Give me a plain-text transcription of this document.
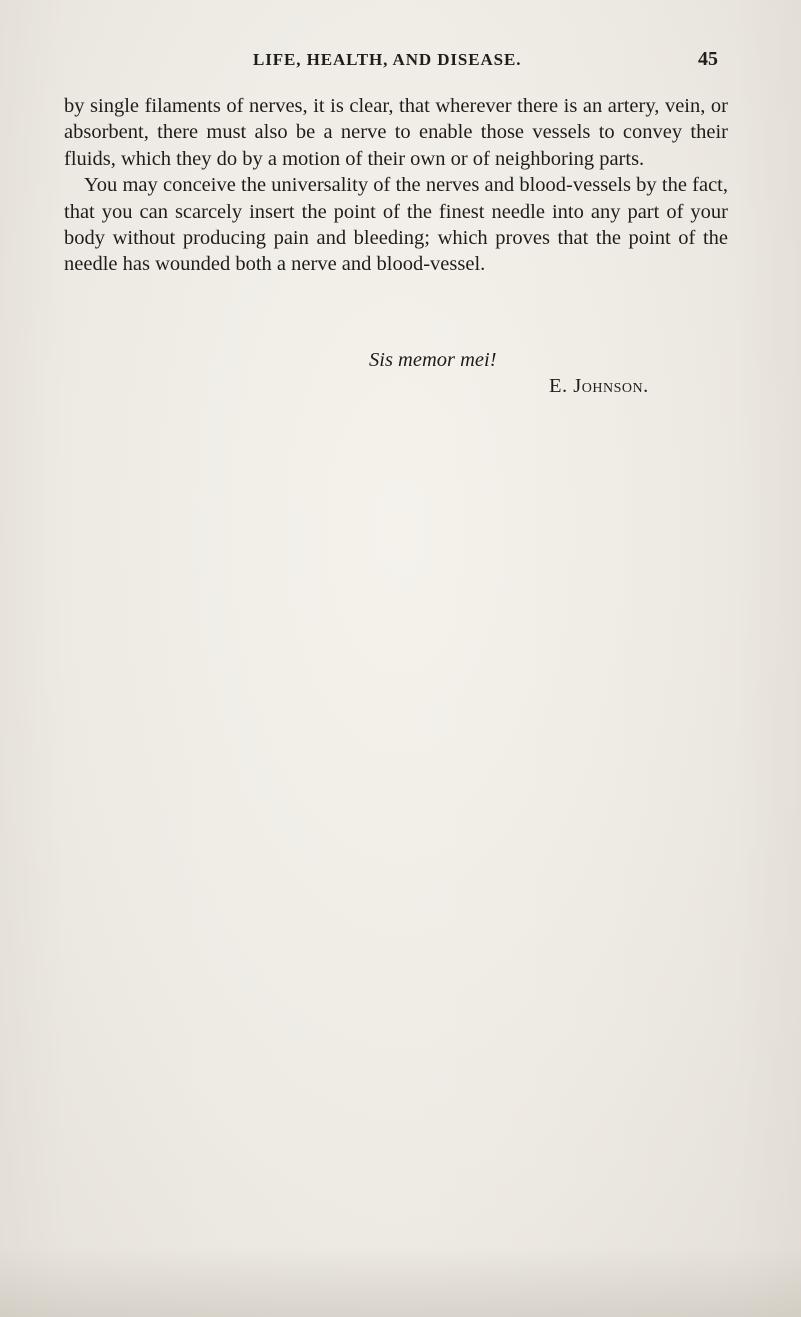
LIFE, HEALTH, AND DISEASE.	45

by single filaments of nerves, it is clear, that wherever there is an artery, vein, or absorbent, there must also be a nerve to enable those vessels to convey their fluids, which they do by a motion of their own or of neighboring parts.

You may conceive the universality of the nerves and blood-vessels by the fact, that you can scarcely insert the point of the finest needle into any part of your body without producing pain and bleeding; which proves that the point of the needle has wounded both a nerve and blood-vessel.

Sis memor mei!
E. Johnson.
